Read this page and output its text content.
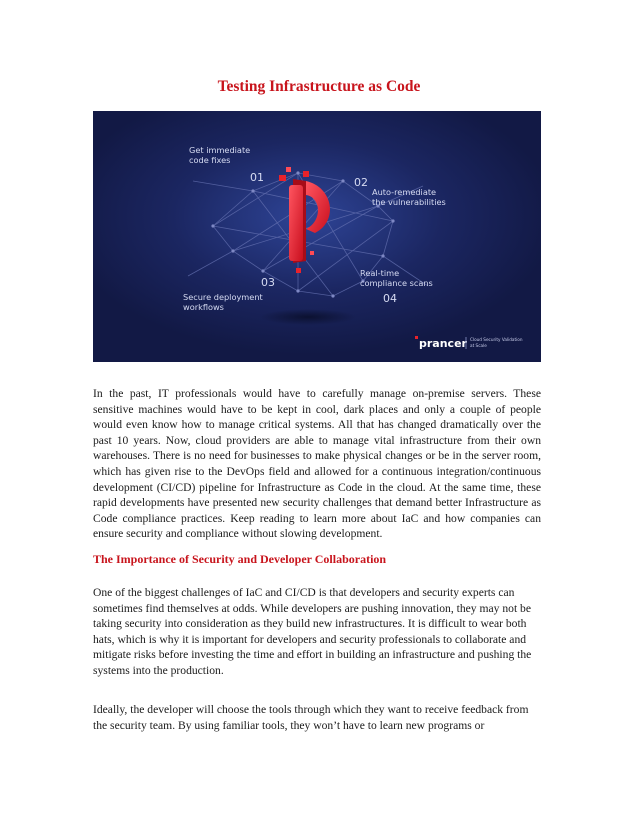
Testing Infrastructure as Code
Get immediate
code fixes
01	02
Auto-remediate
the vulnerabilities
03
Secure deployment
workflows
Real-time
compliance scans
04
prancer Cloud Security Validation
at Scale

In the past, IT professionals would have to carefully manage on-premise servers. These sensitive machines would have to be kept in cool, dark places and only a couple of people would even know how to manage critical systems. All that has changed dramatically over the past 10 years. Now, cloud providers are able to manage vital infrastructure from their own warehouses. There is no need for businesses to make physical changes or be in the server room, which has given rise to the DevOps field and allowed for a continuous integration/continuous development (CI/CD) pipeline for Infrastructure as Code in the cloud. At the same time, these rapid developments have presented new security challenges that demand better Infrastructure as Code compliance practices. Keep reading to learn more about IaC and how companies can ensure security and compliance without slowing development.

The Importance of Security and Developer Collaboration

One of the biggest challenges of IaC and CI/CD is that developers and security experts can sometimes find themselves at odds. While developers are pushing innovation, they may not be taking security into consideration as they build new infrastructures. It is difficult to wear both hats, which is why it is important for developers and security professionals to collaborate and mitigate risks before investing the time and effort in building an infrastructure and pushing the systems into the production.

Ideally, the developer will choose the tools through which they want to receive feedback from the security team. By using familiar tools, they won’t have to learn new programs or
